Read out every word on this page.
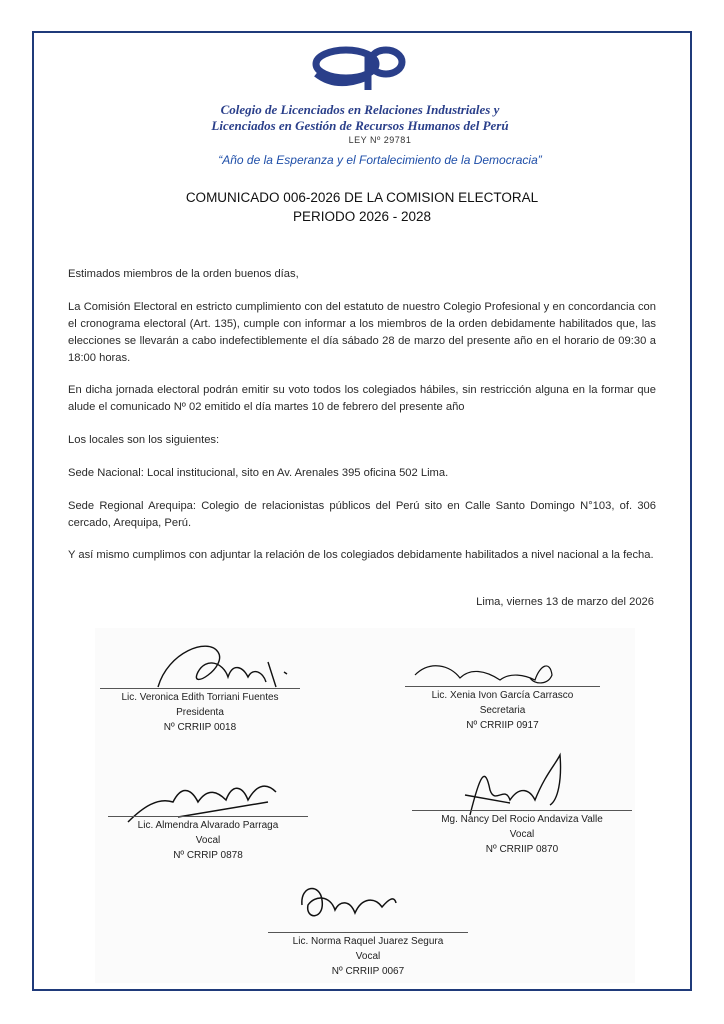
Colegio de Licenciados en Relaciones Industriales y
Licenciados en Gestión de Recursos Humanos del Perú
LEY Nº 29781
“Año de la Esperanza y el Fortalecimiento de la Democracia”
COMUNICADO 006-2026 DE LA COMISION ELECTORAL
PERIODO 2026 - 2028
Estimados miembros de la orden buenos días,
La Comisión Electoral en estricto cumplimiento con del estatuto de nuestro Colegio Profesional y en concordancia con el cronograma electoral (Art. 135), cumple con informar a los miembros de la orden debidamente habilitados que, las elecciones se llevarán a cabo indefectiblemente el día sábado 28 de marzo del presente año en el horario de 09:30 a 18:00 horas.
En dicha jornada electoral podrán emitir su voto todos los colegiados hábiles, sin restricción alguna en la formar que alude el comunicado Nº 02 emitido el día martes 10 de febrero del presente año
Los locales son los siguientes:
Sede Nacional: Local institucional, sito en Av. Arenales 395 oficina 502 Lima.
Sede Regional Arequipa: Colegio de relacionistas públicos del Perú sito en Calle Santo Domingo N°103, of. 306 cercado, Arequipa, Perú.
Y así mismo cumplimos con adjuntar la relación de los colegiados debidamente habilitados a nivel nacional a la fecha.
Lima, viernes 13 de marzo del 2026
Lic. Veronica Edith Torriani Fuentes
Presidenta
Nº CRRIIP 0018
Lic. Xenia Ivon García Carrasco
Secretaria
Nº CRRIIP 0917
Lic. Almendra Alvarado Parraga
Vocal
Nº CRRIP 0878
Mg. Nancy Del Rocio Andaviza Valle
Vocal
Nº CRRIIP 0870
Lic. Norma Raquel Juarez Segura
Vocal
Nº CRRIIP 0067
